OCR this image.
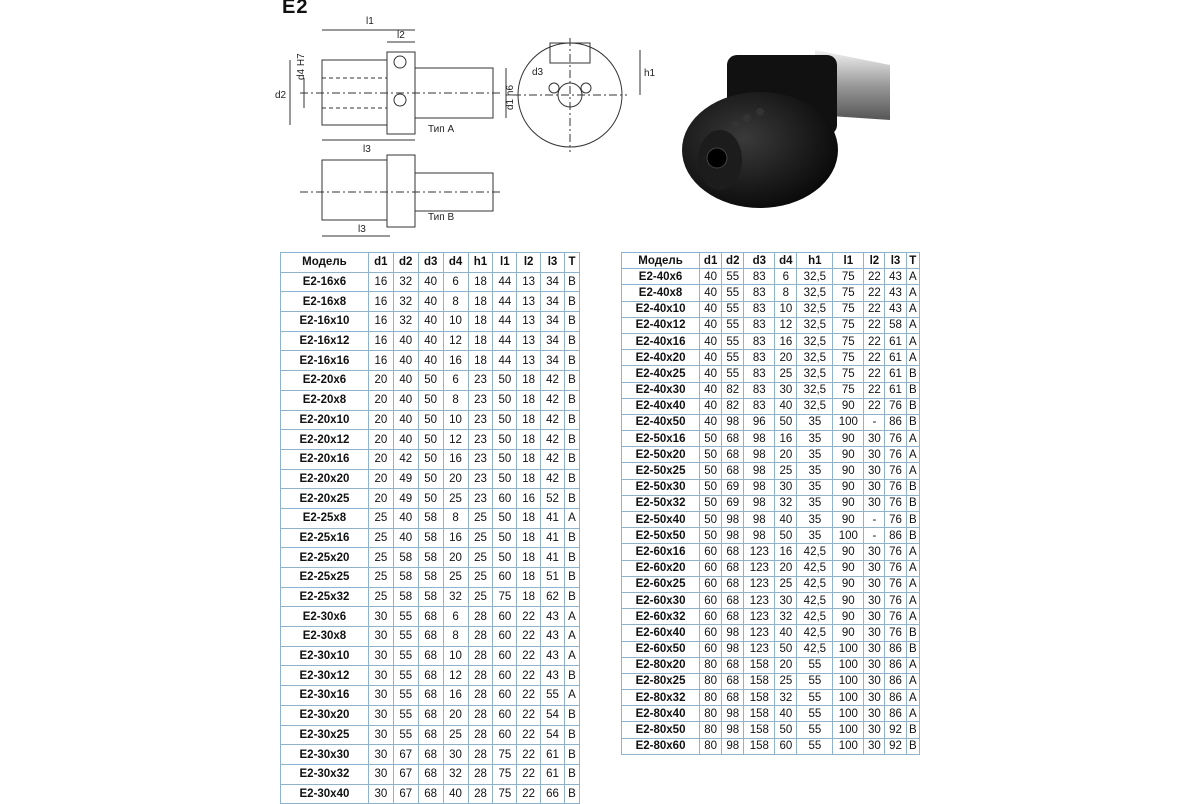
E2
l1
l2
l3
d2
d4 H7
d1 h6
d3	h1
Тип А
Тип В
l3
Модель	d1	d2	d3	d4	h1	l1	l2	l3	T
E2-16x6	16	32	40	6	18	44	13	34	B
E2-16x8	16	32	40	8	18	44	13	34	B
E2-16x10	16	32	40	10	18	44	13	34	B
E2-16x12	16	40	40	12	18	44	13	34	B
E2-16x16	16	40	40	16	18	44	13	34	B
E2-20x6	20	40	50	6	23	50	18	42	B
E2-20x8	20	40	50	8	23	50	18	42	B
E2-20x10	20	40	50	10	23	50	18	42	B
E2-20x12	20	40	50	12	23	50	18	42	B
E2-20x16	20	42	50	16	23	50	18	42	B
E2-20x20	20	49	50	20	23	50	18	42	B
E2-20x25	20	49	50	25	23	60	16	52	B
E2-25x8	25	40	58	8	25	50	18	41	A
E2-25x16	25	40	58	16	25	50	18	41	B
E2-25x20	25	58	58	20	25	50	18	41	B
E2-25x25	25	58	58	25	25	60	18	51	B
E2-25x32	25	58	58	32	25	75	18	62	B
E2-30x6	30	55	68	6	28	60	22	43	A
E2-30x8	30	55	68	8	28	60	22	43	A
E2-30x10	30	55	68	10	28	60	22	43	A
E2-30x12	30	55	68	12	28	60	22	43	B
E2-30x16	30	55	68	16	28	60	22	55	A
E2-30x20	30	55	68	20	28	60	22	54	B
E2-30x25	30	55	68	25	28	60	22	54	B
E2-30x30	30	67	68	30	28	75	22	61	B
E2-30x32	30	67	68	32	28	75	22	61	B
E2-30x40	30	67	68	40	28	75	22	66	B
Модель	d1	d2	d3	d4	h1	l1	l2	l3	T
E2-40x6	40	55	83	6	32,5	75	22	43	A
E2-40x8	40	55	83	8	32,5	75	22	43	A
E2-40x10	40	55	83	10	32,5	75	22	43	A
E2-40x12	40	55	83	12	32,5	75	22	58	A
E2-40x16	40	55	83	16	32,5	75	22	61	A
E2-40x20	40	55	83	20	32,5	75	22	61	A
E2-40x25	40	55	83	25	32,5	75	22	61	B
E2-40x30	40	82	83	30	32,5	75	22	61	B
E2-40x40	40	82	83	40	32,5	90	22	76	B
E2-40x50	40	98	96	50	35	100	-	86	B
E2-50x16	50	68	98	16	35	90	30	76	A
E2-50x20	50	68	98	20	35	90	30	76	A
E2-50x25	50	68	98	25	35	90	30	76	A
E2-50x30	50	69	98	30	35	90	30	76	B
E2-50x32	50	69	98	32	35	90	30	76	B
E2-50x40	50	98	98	40	35	90	-	76	B
E2-50x50	50	98	98	50	35	100	-	86	B
E2-60x16	60	68	123	16	42,5	90	30	76	A
E2-60x20	60	68	123	20	42,5	90	30	76	A
E2-60x25	60	68	123	25	42,5	90	30	76	A
E2-60x30	60	68	123	30	42,5	90	30	76	A
E2-60x32	60	68	123	32	42,5	90	30	76	A
E2-60x40	60	98	123	40	42,5	90	30	76	B
E2-60x50	60	98	123	50	42,5	100	30	86	B
E2-80x20	80	68	158	20	55	100	30	86	A
E2-80x25	80	68	158	25	55	100	30	86	A
E2-80x32	80	68	158	32	55	100	30	86	A
E2-80x40	80	98	158	40	55	100	30	86	A
E2-80x50	80	98	158	50	55	100	30	92	B
E2-80x60	80	98	158	60	55	100	30	92	B
